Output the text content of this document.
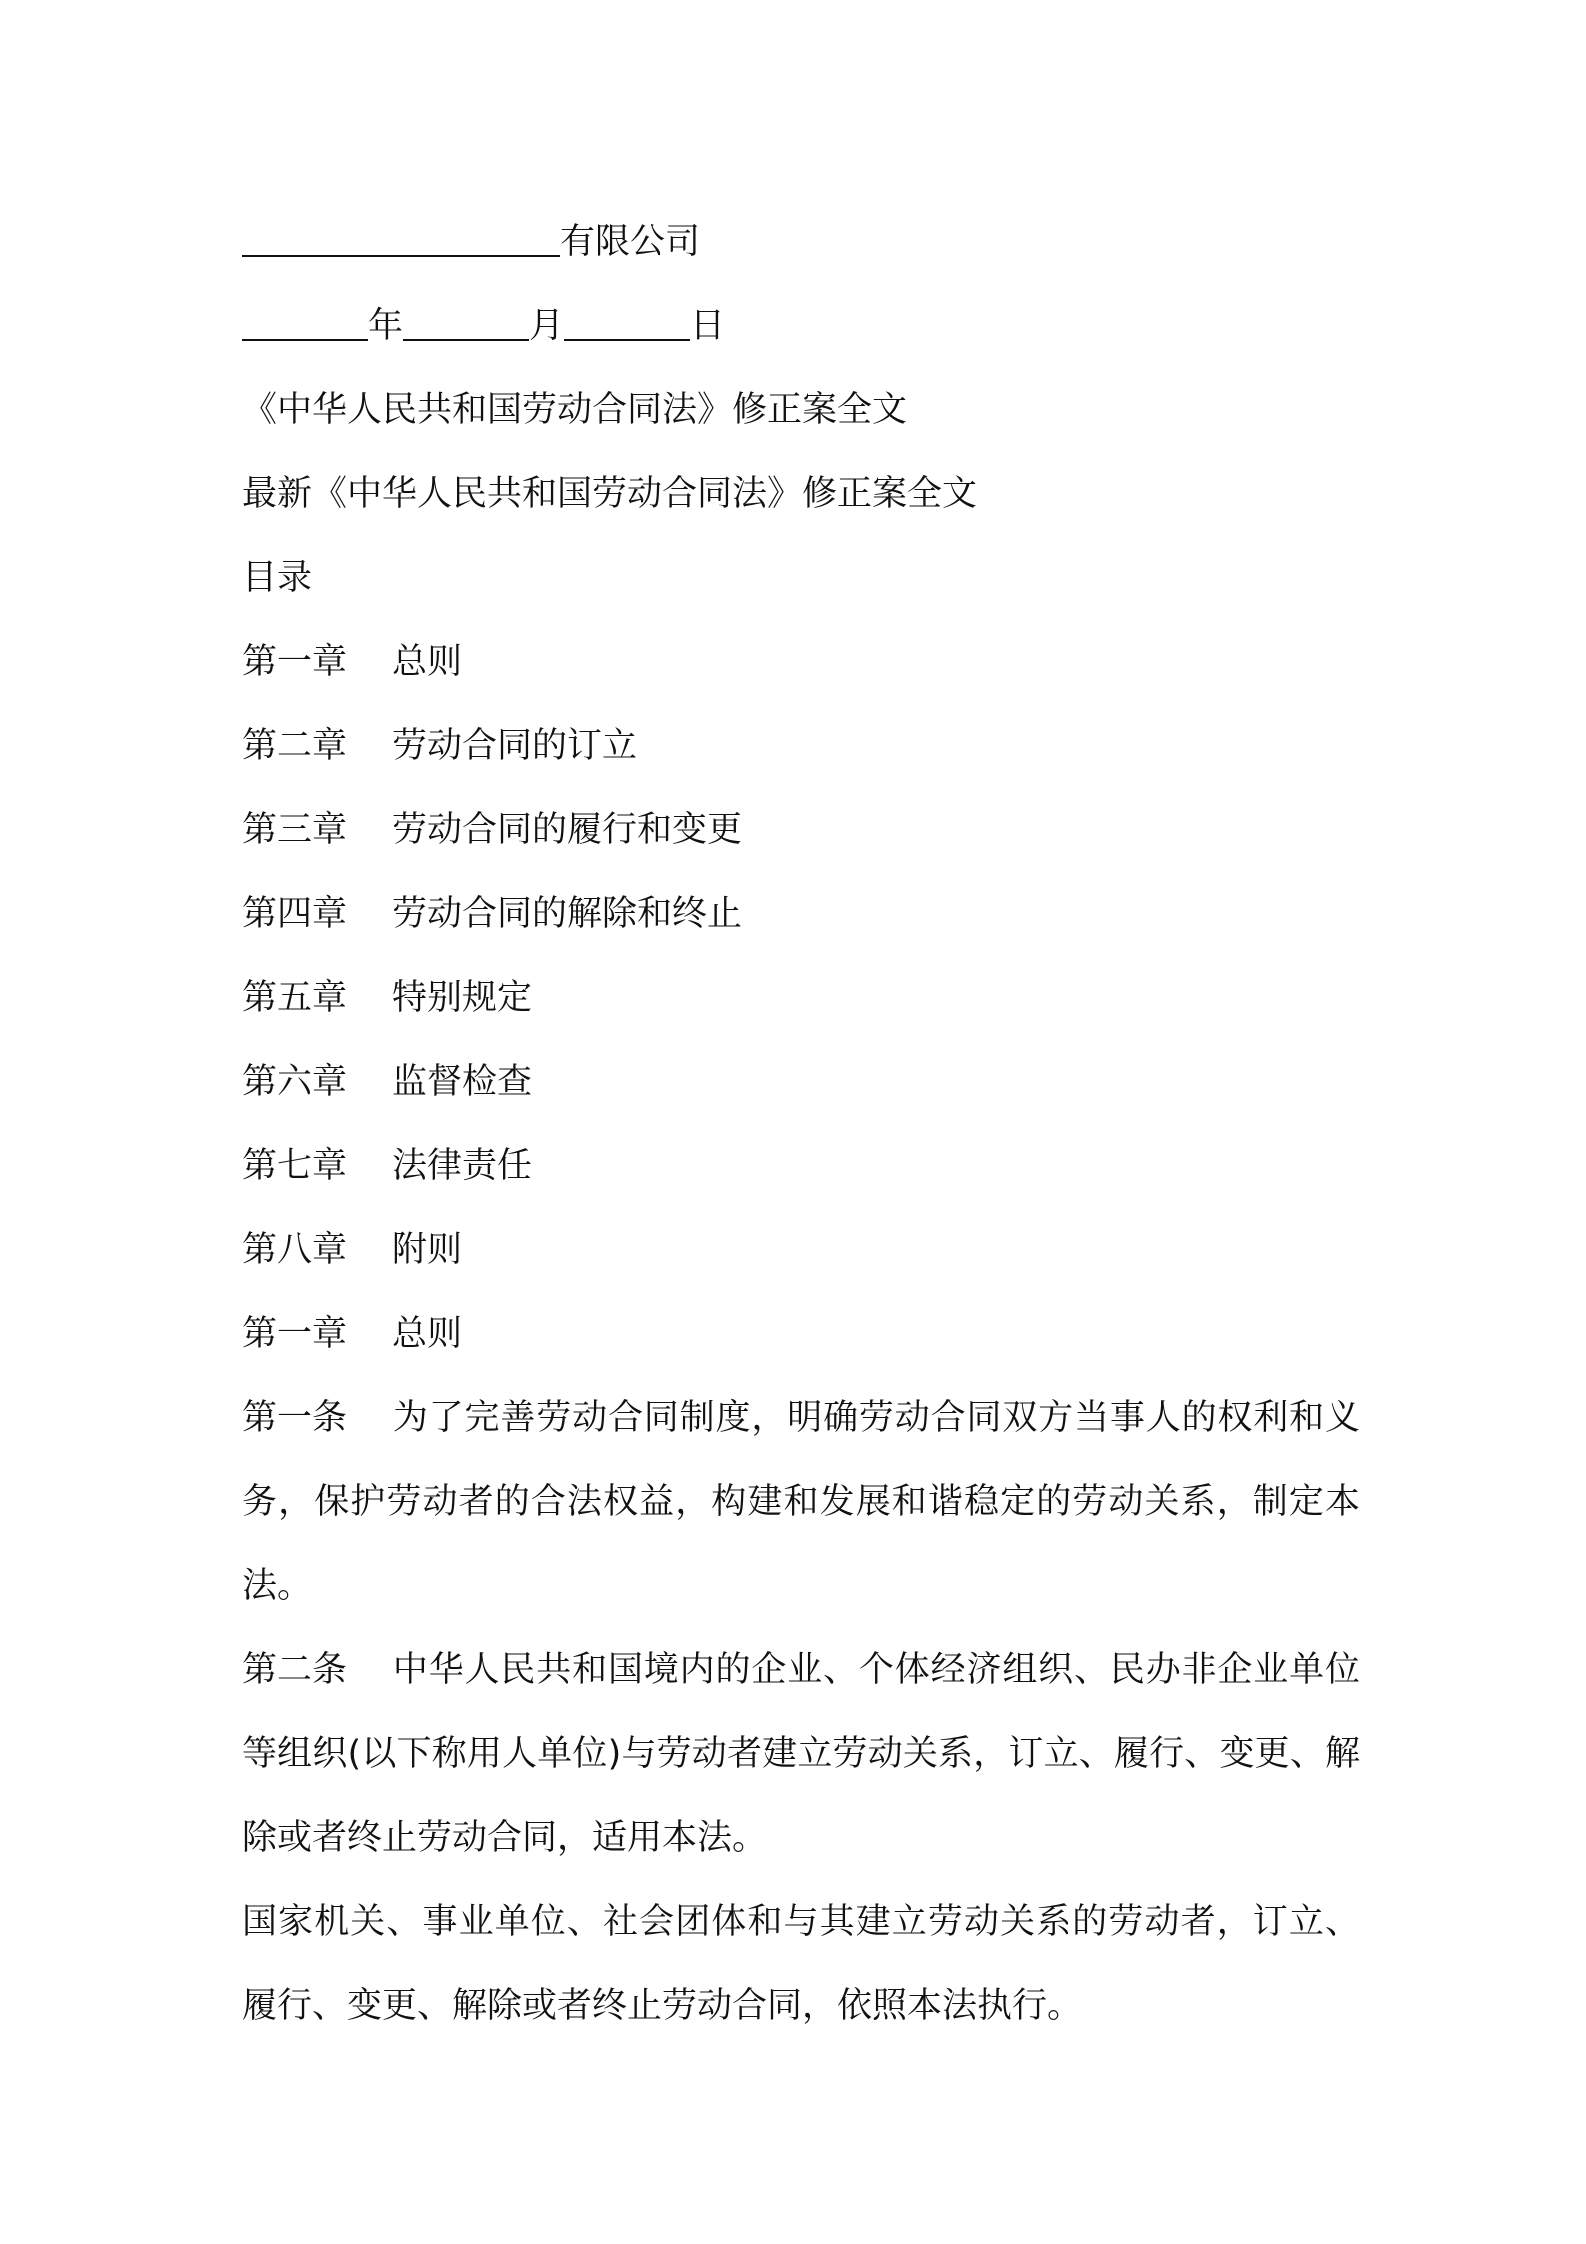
有限公司
年	月	日
《中华人民共和国劳动合同法》修正案全文
最新《中华人民共和国劳动合同法》修正案全文
目录
第一章	总则
第二章	劳动合同的订立
第三章	劳动合同的履行和变更
第四章	劳动合同的解除和终止
第五章	特别规定
第六章	监督检查
第七章	法律责任
第八章	附则
第一章	总则
第一条 为了完善劳动合同制度，明确劳动合同双方当事人的权利和义务，保护劳动者的合法权益，构建和发展和谐稳定的劳动关系，制定本法。
第二条 中华人民共和国境内的企业、个体经济组织、民办非企业单位等组织(以下称用人单位)与劳动者建立劳动关系，订立、履行、变更、解除或者终止劳动合同，适用本法。
国家机关、事业单位、社会团体和与其建立劳动关系的劳动者，订立、履行、变更、解除或者终止劳动合同，依照本法执行。
